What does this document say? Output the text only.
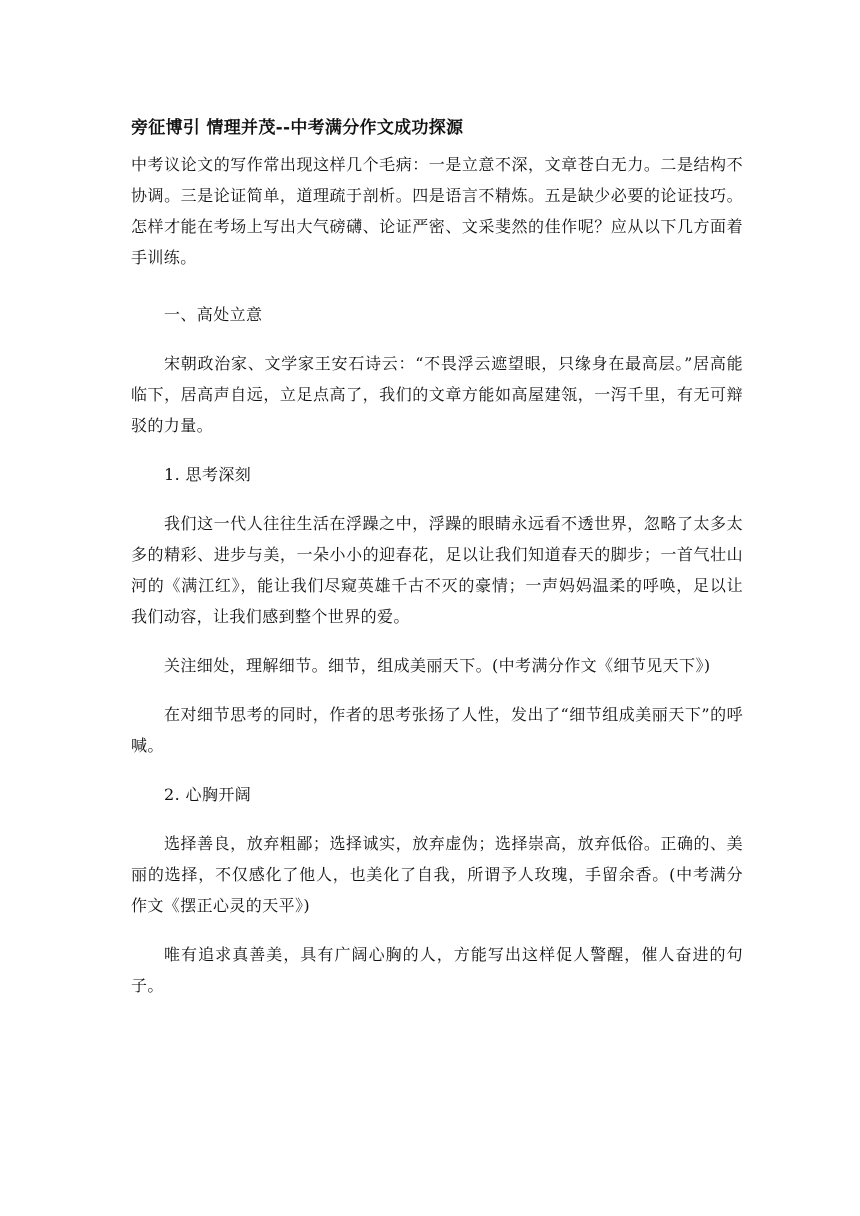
旁征博引 情理并茂--中考满分作文成功探源

中考议论文的写作常出现这样几个毛病：一是立意不深，文章苍白无力。二是结构不协调。三是论证简单，道理疏于剖析。四是语言不精炼。五是缺少必要的论证技巧。怎样才能在考场上写出大气磅礴、论证严密、文采斐然的佳作呢？应从以下几方面着手训练。

一、高处立意

宋朝政治家、文学家王安石诗云：“不畏浮云遮望眼，只缘身在最高层。”居高能临下，居高声自远，立足点高了，我们的文章方能如高屋建瓴，一泻千里，有无可辩驳的力量。

1. 思考深刻

我们这一代人往往生活在浮躁之中，浮躁的眼睛永远看不透世界，忽略了太多太多的精彩、进步与美，一朵小小的迎春花，足以让我们知道春天的脚步；一首气壮山河的《满江红》，能让我们尽窥英雄千古不灭的豪情；一声妈妈温柔的呼唤，足以让我们动容，让我们感到整个世界的爱。

关注细处，理解细节。细节，组成美丽天下。(中考满分作文《细节见天下》)

在对细节思考的同时，作者的思考张扬了人性，发出了“细节组成美丽天下”的呼喊。

2. 心胸开阔

选择善良，放弃粗鄙；选择诚实，放弃虚伪；选择崇高，放弃低俗。正确的、美丽的选择，不仅感化了他人，也美化了自我，所谓予人玫瑰，手留余香。(中考满分作文《摆正心灵的天平》)

唯有追求真善美，具有广阔心胸的人，方能写出这样促人警醒，催人奋进的句子。
